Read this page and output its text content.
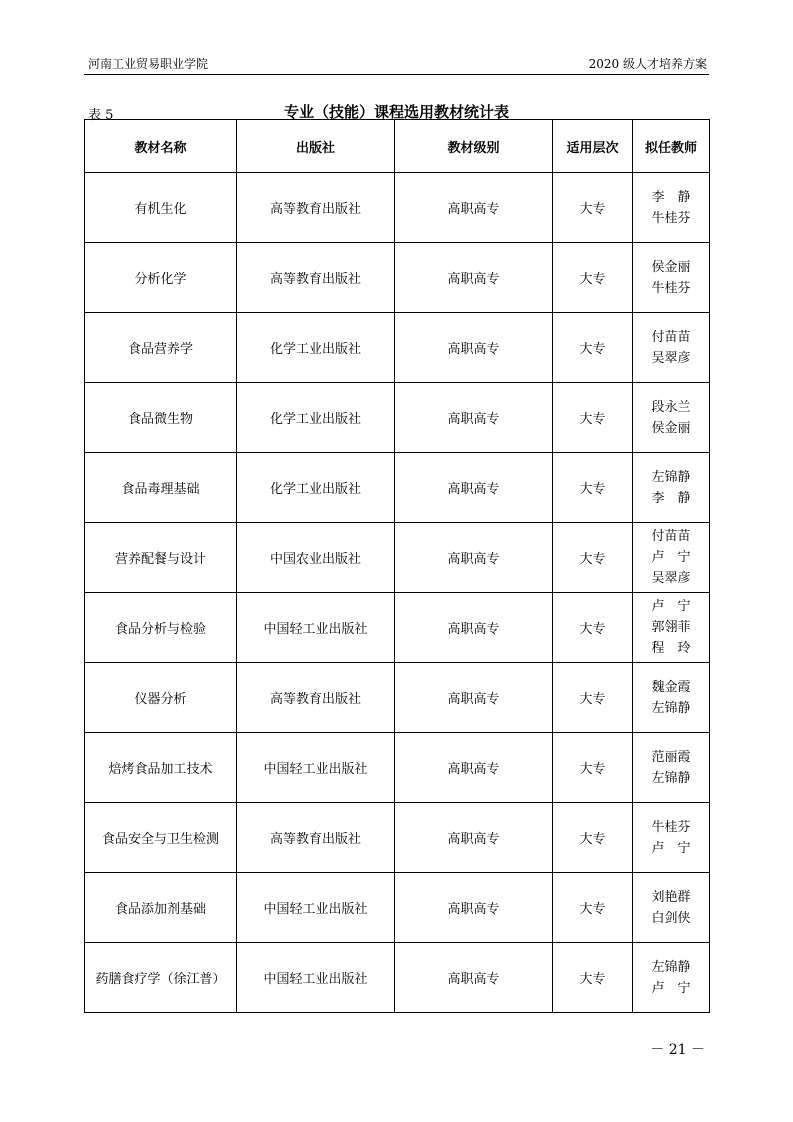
河南工业贸易职业学院	2020 级人才培养方案
表 5	专业（技能）课程选用教材统计表
教材名称	出版社	教材级别	适用层次	拟任教师
有机生化	高等教育出版社	高职高专	大专	李　静
牛桂芬

分析化学	高等教育出版社	高职高专	大专	侯金丽
牛桂芬

食品营养学	化学工业出版社	高职高专	大专	付苗苗
吴翠彦

食品微生物	化学工业出版社	高职高专	大专	段永兰
侯金丽

食品毒理基础	化学工业出版社	高职高专	大专	左锦静
李　静

营养配餐与设计	中国农业出版社	高职高专	大专	付苗苗
卢　宁
吴翠彦

食品分析与检验	中国轻工业出版社	高职高专	大专	卢　宁
郭翎菲
程　玲

仪器分析	高等教育出版社	高职高专	大专	魏金霞
左锦静

焙烤食品加工技术	中国轻工业出版社	高职高专	大专	范丽霞
左锦静

食品安全与卫生检测	高等教育出版社	高职高专	大专	牛桂芬
卢　宁

食品添加剂基础	中国轻工业出版社	高职高专	大专	刘艳群
白剑侠

药膳食疗学（徐江普）	中国轻工业出版社	高职高专	大专	左锦静
卢　宁
－ 21 －
